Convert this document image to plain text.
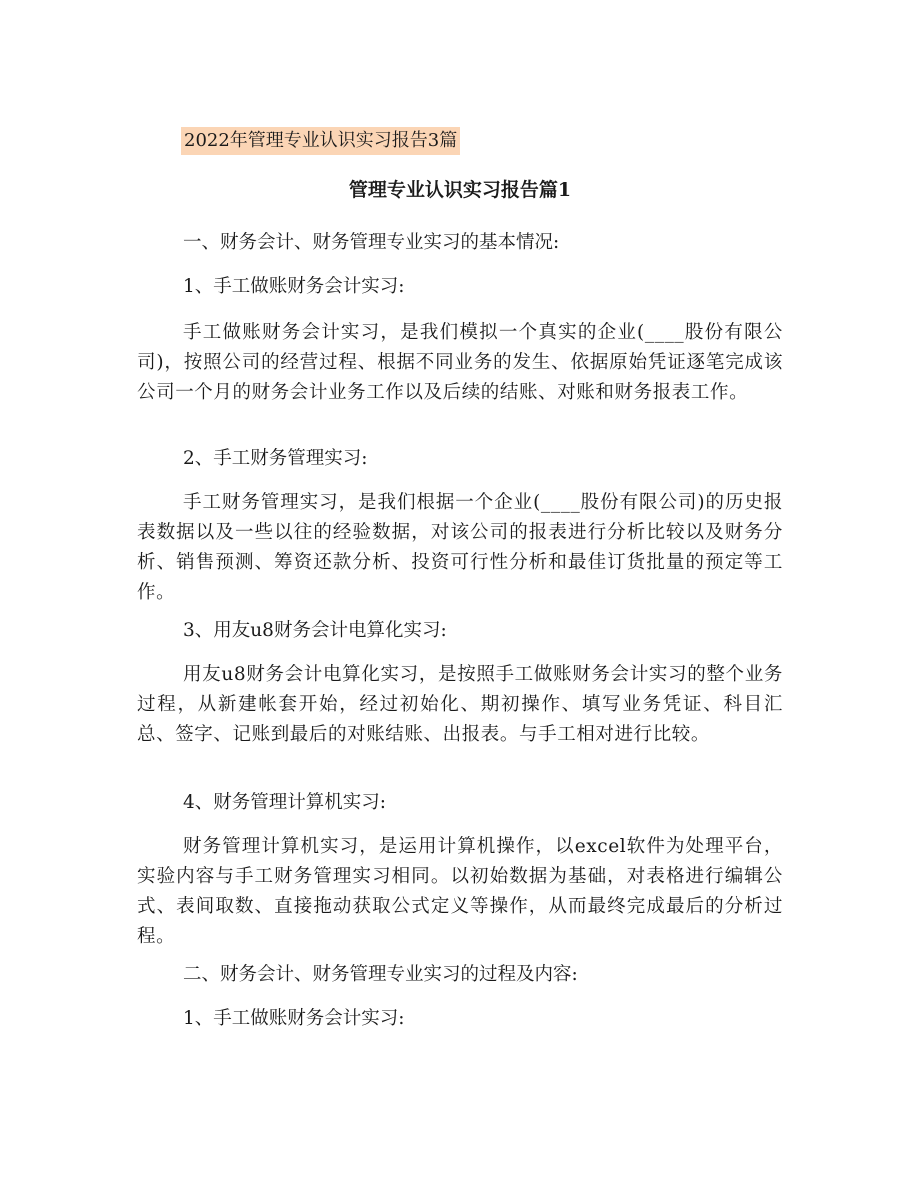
2022年管理专业认识实习报告3篇
管理专业认识实习报告篇1

一、财务会计、财务管理专业实习的基本情况:

1、手工做账财务会计实习:

手工做账财务会计实习，是我们模拟一个真实的企业(____股份有限公司)，按照公司的经营过程、根据不同业务的发生、依据原始凭证逐笔完成该公司一个月的财务会计业务工作以及后续的结账、对账和财务报表工作。

2、手工财务管理实习:

手工财务管理实习，是我们根据一个企业(____股份有限公司)的历史报表数据以及一些以往的经验数据，对该公司的报表进行分析比较以及财务分析、销售预测、筹资还款分析、投资可行性分析和最佳订货批量的预定等工作。

3、用友u8财务会计电算化实习:

用友u8财务会计电算化实习，是按照手工做账财务会计实习的整个业务过程，从新建帐套开始，经过初始化、期初操作、填写业务凭证、科目汇总、签字、记账到最后的对账结账、出报表。与手工相对进行比较。

4、财务管理计算机实习:

财务管理计算机实习，是运用计算机操作，以excel软件为处理平台，实验内容与手工财务管理实习相同。以初始数据为基础，对表格进行编辑公式、表间取数、直接拖动获取公式定义等操作，从而最终完成最后的分析过程。

二、财务会计、财务管理专业实习的过程及内容:

1、手工做账财务会计实习:
